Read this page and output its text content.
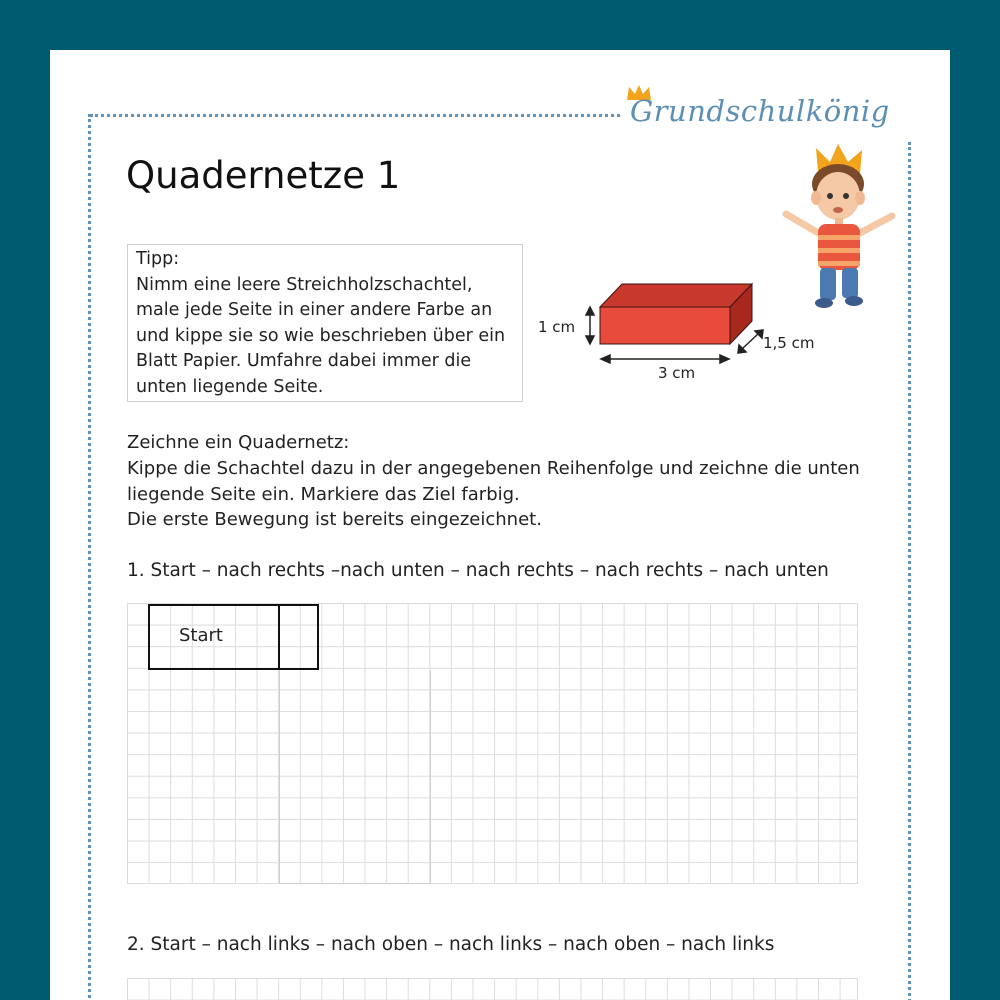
Grundschulkönig
Quadernetze 1
Tipp:
Nimm eine leere Streichholzschachtel, male jede Seite in einer andere Farbe an und kippe sie so wie beschrieben über ein Blatt Papier. Umfahre dabei immer die unten liegende Seite.
1 cm
3 cm
1,5 cm
Zeichne ein Quadernetz:
Kippe die Schachtel dazu in der angegebenen Reihenfolge und zeichne die unten
liegende Seite ein. Markiere das Ziel farbig.
Die erste Bewegung ist bereits eingezeichnet.
1. Start – nach rechts –nach unten – nach rechts – nach rechts – nach unten
Start
2. Start – nach links – nach oben – nach links – nach oben – nach links
